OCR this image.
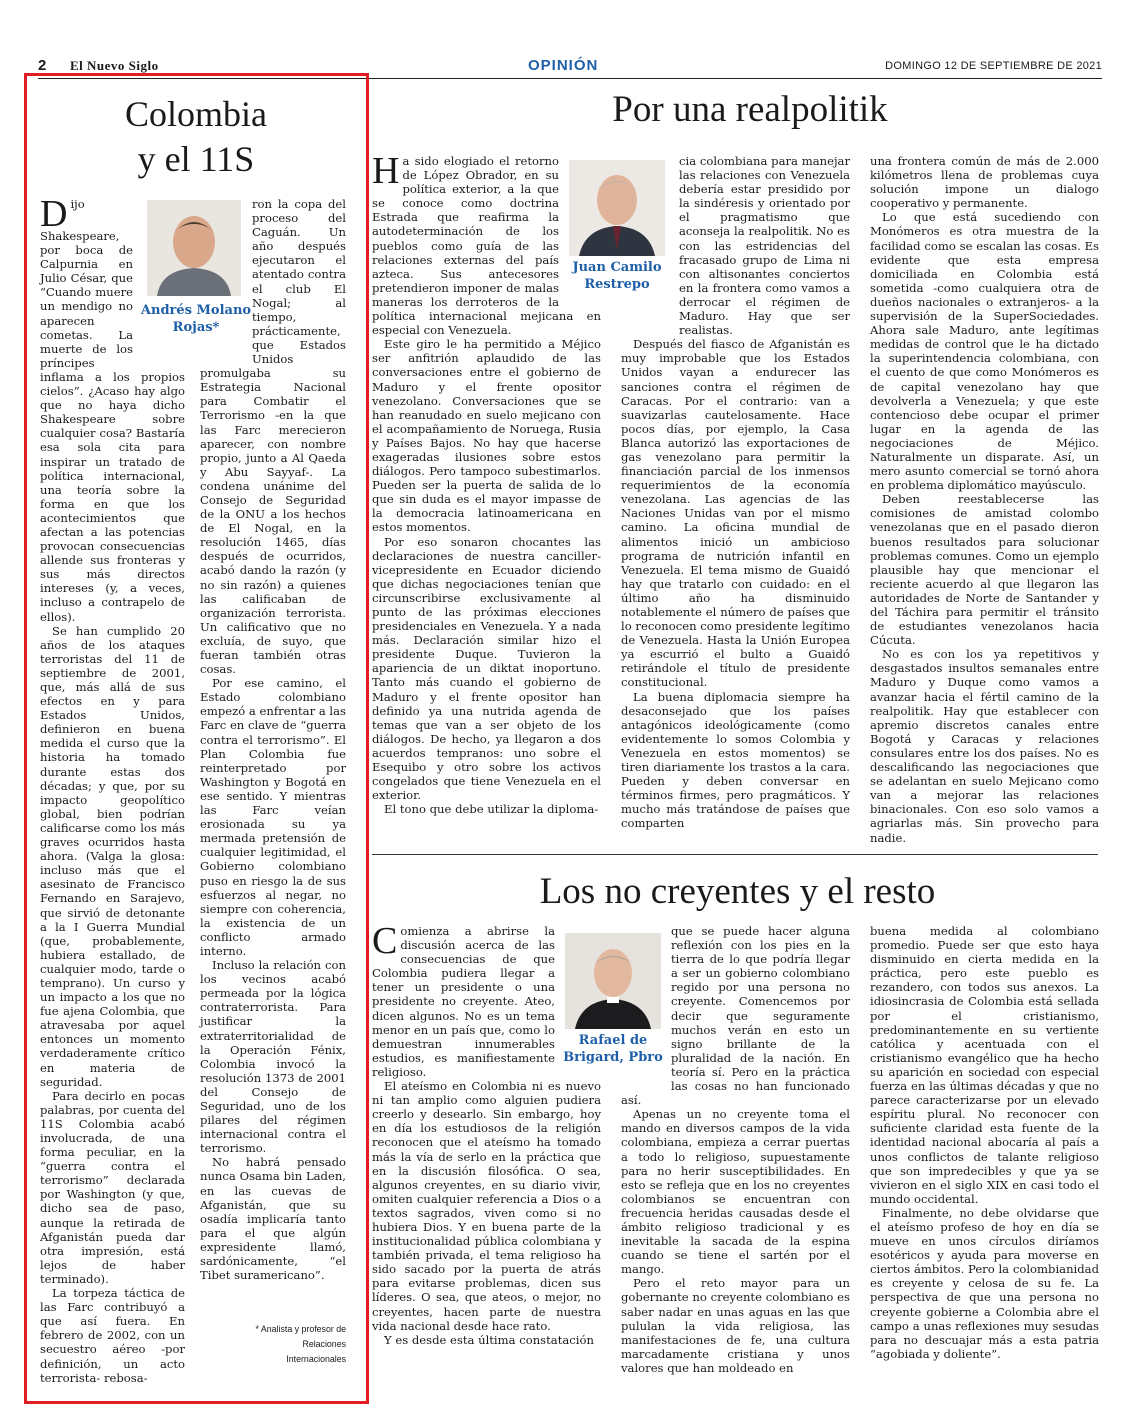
2 El Nuevo Siglo	OPINIÓN	DOMINGO 12 DE SEPTIEMBRE DE 2021
Colombia
y el 11S
Andrés Molano
Rojas*

Dijo Shakespeare, por boca de Calpurnia en Julio César, que “Cuando muere un mendigo no aparecen cometas. La muerte de los príncipes inflama a los propios cielos”. ¿Acaso hay algo que no haya dicho Shakespeare sobre cualquier cosa? Bastaría esa sola cita para inspirar un tratado de política internacional, una teoría sobre la forma en que los acontecimientos que afectan a las potencias provocan consecuencias allende sus fronteras y sus más directos intereses (y, a veces, incluso a contrapelo de ellos).

Se han cumplido 20 años de los ataques terroristas del 11 de septiembre de 2001, que, más allá de sus efectos en y para Estados Unidos, definieron en buena medida el curso que la historia ha tomado durante estas dos décadas; y que, por su impacto geopolítico global, bien podrían calificarse como los más graves ocurridos hasta ahora. (Valga la glosa: incluso más que el asesinato de Francisco Fernando en Sarajevo, que sirvió de detonante a la I Guerra Mundial (que, probablemente, hubiera estallado, de cualquier modo, tarde o temprano). Un curso y un impacto a los que no fue ajena Colombia, que atravesaba por aquel entonces un momento verdaderamente crítico en materia de seguridad.

Para decirlo en pocas palabras, por cuenta del 11S Colombia acabó involucrada, de una forma peculiar, en la “guerra contra el terrorismo” declarada por Washington (y que, dicho sea de paso, aunque la retirada de Afganistán pueda dar otra impresión, está lejos de haber terminado).

La torpeza táctica de las Farc contribuyó a que así fuera. En febrero de 2002, con un secuestro aéreo -por definición, un acto terrorista- rebosa-

ron la copa del proceso del Caguán. Un año después ejecutaron el atentado contra el club El Nogal; al tiempo, prácticamente, que Estados Unidos promulgaba su Estrategia Nacional para Combatir el Terrorismo -en la que las Farc merecieron aparecer, con nombre propio, junto a Al Qaeda y Abu Sayyaf-. La condena unánime del Consejo de Seguridad de la ONU a los hechos de El Nogal, en la resolución 1465, días después de ocurridos, acabó dando la razón (y no sin razón) a quienes las calificaban de organización terrorista. Un calificativo que no excluía, de suyo, que fueran también otras cosas.

Por ese camino, el Estado colombiano empezó a enfrentar a las Farc en clave de “guerra contra el terrorismo”. El Plan Colombia fue reinterpretado por Washington y Bogotá en ese sentido. Y mientras las Farc veían erosionada su ya mermada pretensión de cualquier legitimidad, el Gobierno colombiano puso en riesgo la de sus esfuerzos al negar, no siempre con coherencia, la existencia de un conflicto armado interno.

Incluso la relación con los vecinos acabó permeada por la lógica contraterrorista. Para justificar la extraterritorialidad de la Operación Fénix, Colombia invocó la resolución 1373 de 2001 del Consejo de Seguridad, uno de los pilares del régimen internacional contra el terrorismo.

No habrá pensado nunca Osama bin Laden, en las cuevas de Afganistán, que su osadía implicaría tanto para el que algún expresidente llamó, sardónicamente, “el Tibet suramericano”.

* Analista y profesor de
Relaciones
Internacionales
Por una realpolitik
Juan Camilo
Restrepo

Ha sido elogiado el retorno de López Obrador, en su política exterior, a la que se conoce como doctrina Estrada que reafirma la autodeterminación de los pueblos como guía de las relaciones externas del país azteca. Sus antecesores pretendieron imponer de malas maneras los derroteros de la política internacional mejicana en especial con Venezuela.

Este giro le ha permitido a Méjico ser anfitrión aplaudido de las conversaciones entre el gobierno de Maduro y el frente opositor venezolano. Conversaciones que se han reanudado en suelo mejicano con el acompañamiento de Noruega, Rusia y Países Bajos. No hay que hacerse exageradas ilusiones sobre estos diálogos. Pero tampoco subestimarlos. Pueden ser la puerta de salida de lo que sin duda es el mayor impasse de la democracia latinoamericana en estos momentos.

Por eso sonaron chocantes las declaraciones de nuestra canciller-vicepresidente en Ecuador diciendo que dichas negociaciones tenían que circunscribirse exclusivamente al punto de las próximas elecciones presidenciales en Venezuela. Y a nada más. Declaración similar hizo el presidente Duque. Tuvieron la apariencia de un diktat inoportuno. Tanto más cuando el gobierno de Maduro y el frente opositor han definido ya una nutrida agenda de temas que van a ser objeto de los diálogos. De hecho, ya llegaron a dos acuerdos tempranos: uno sobre el Esequibo y otro sobre los activos congelados que tiene Venezuela en el exterior.

El tono que debe utilizar la diploma-

cia colombiana para manejar las relaciones con Venezuela debería estar presidido por la sindéresis y orientado por el pragmatismo que aconseja la realpolitik. No es con las estridencias del fracasado grupo de Lima ni con altisonantes conciertos en la frontera como vamos a derrocar el régimen de Maduro. Hay que ser realistas.

Después del fiasco de Afganistán es muy improbable que los Estados Unidos vayan a endurecer las sanciones contra el régimen de Caracas. Por el contrario: van a suavizarlas cautelosamente. Hace pocos días, por ejemplo, la Casa Blanca autorizó las exportaciones de gas venezolano para permitir la financiación parcial de los inmensos requerimientos de la economía venezolana. Las agencias de las Naciones Unidas van por el mismo camino. La oficina mundial de alimentos inició un ambicioso programa de nutrición infantil en Venezuela. El tema mismo de Guaidó hay que tratarlo con cuidado: en el último año ha disminuido notablemente el número de países que lo reconocen como presidente legítimo de Venezuela. Hasta la Unión Europea ya escurrió el bulto a Guaidó retirándole el título de presidente constitucional.

La buena diplomacia siempre ha desaconsejado que los países antagónicos ideológicamente (como evidentemente lo somos Colombia y Venezuela en estos momentos) se tiren diariamente los trastos a la cara. Pueden y deben conversar en términos firmes, pero pragmáticos. Y mucho más tratándose de países que comparten

una frontera común de más de 2.000 kilómetros llena de problemas cuya solución impone un dialogo cooperativo y permanente.

Lo que está sucediendo con Monómeros es otra muestra de la facilidad como se escalan las cosas. Es evidente que esta empresa domiciliada en Colombia está sometida -como cualquiera otra de dueños nacionales o extranjeros- a la supervisión de la SuperSociedades. Ahora sale Maduro, ante legítimas medidas de control que le ha dictado la superintendencia colombiana, con el cuento de que como Monómeros es de capital venezolano hay que devolverla a Venezuela; y que este contencioso debe ocupar el primer lugar en la agenda de las negociaciones de Méjico. Naturalmente un disparate. Así, un mero asunto comercial se tornó ahora en problema diplomático mayúsculo.

Deben reestablecerse las comisiones de amistad colombo venezolanas que en el pasado dieron buenos resultados para solucionar problemas comunes. Como un ejemplo plausible hay que mencionar el reciente acuerdo al que llegaron las autoridades de Norte de Santander y del Táchira para permitir el tránsito de estudiantes venezolanos hacia Cúcuta.

No es con los ya repetitivos y desgastados insultos semanales entre Maduro y Duque como vamos a avanzar hacia el fértil camino de la realpolitik. Hay que establecer con apremio discretos canales entre Bogotá y Caracas y relaciones consulares entre los dos países. No es descalificando las negociaciones que se adelantan en suelo Mejicano como van a mejorar las relaciones binacionales. Con eso solo vamos a agriarlas más. Sin provecho para nadie.

Los no creyentes y el resto
Rafael de
Brigard, Pbro

Comienza a abrirse la discusión acerca de las consecuencias de que Colombia pudiera llegar a tener un presidente o una presidente no creyente. Ateo, dicen algunos. No es un tema menor en un país que, como lo demuestran innumerables estudios, es manifiestamente religioso.

El ateísmo en Colombia ni es nuevo ni tan amplio como alguien pudiera creerlo y desearlo. Sin embargo, hoy en día los estudiosos de la religión reconocen que el ateísmo ha tomado más la vía de serlo en la práctica que en la discusión filosófica. O sea, algunos creyentes, en su diario vivir, omiten cualquier referencia a Dios o a textos sagrados, viven como si no hubiera Dios. Y en buena parte de la institucionalidad pública colombiana y también privada, el tema religioso ha sido sacado por la puerta de atrás para evitarse problemas, dicen sus líderes. O sea, que ateos, o mejor, no creyentes, hacen parte de nuestra vida nacional desde hace rato.

Y es desde esta última constatación

que se puede hacer alguna reflexión con los pies en la tierra de lo que podría llegar a ser un gobierno colombiano regido por una persona no creyente. Comencemos por decir que seguramente muchos verán en esto un signo brillante de la pluralidad de la nación. En teoría sí. Pero en la práctica las cosas no han funcionado así.

Apenas un no creyente toma el mando en diversos campos de la vida colombiana, empieza a cerrar puertas a todo lo religioso, supuestamente para no herir susceptibilidades. En esto se refleja que en los no creyentes colombianos se encuentran con frecuencia heridas causadas desde el ámbito religioso tradicional y es inevitable la sacada de la espina cuando se tiene el sartén por el mango.

Pero el reto mayor para un gobernante no creyente colombiano es saber nadar en unas aguas en las que pululan la vida religiosa, las manifestaciones de fe, una cultura marcadamente cristiana y unos valores que han moldeado en

buena medida al colombiano promedio. Puede ser que esto haya disminuido en cierta medida en la práctica, pero este pueblo es rezandero, con todos sus anexos. La idiosincrasia de Colombia está sellada por el cristianismo, predominantemente en su vertiente católica y acentuada con el cristianismo evangélico que ha hecho su aparición en sociedad con especial fuerza en las últimas décadas y que no parece caracterizarse por un elevado espíritu plural. No reconocer con suficiente claridad esta fuente de la identidad nacional abocaría al país a unos conflictos de talante religioso que son impredecibles y que ya se vivieron en el siglo XIX en casi todo el mundo occidental.

Finalmente, no debe olvidarse que el ateísmo profeso de hoy en día se mueve en unos círculos diríamos esotéricos y ayuda para moverse en ciertos ámbitos. Pero la colombianidad es creyente y celosa de su fe. La perspectiva de que una persona no creyente gobierne a Colombia abre el campo a unas reflexiones muy sesudas para no descuajar más a esta patria “agobiada y doliente”.
